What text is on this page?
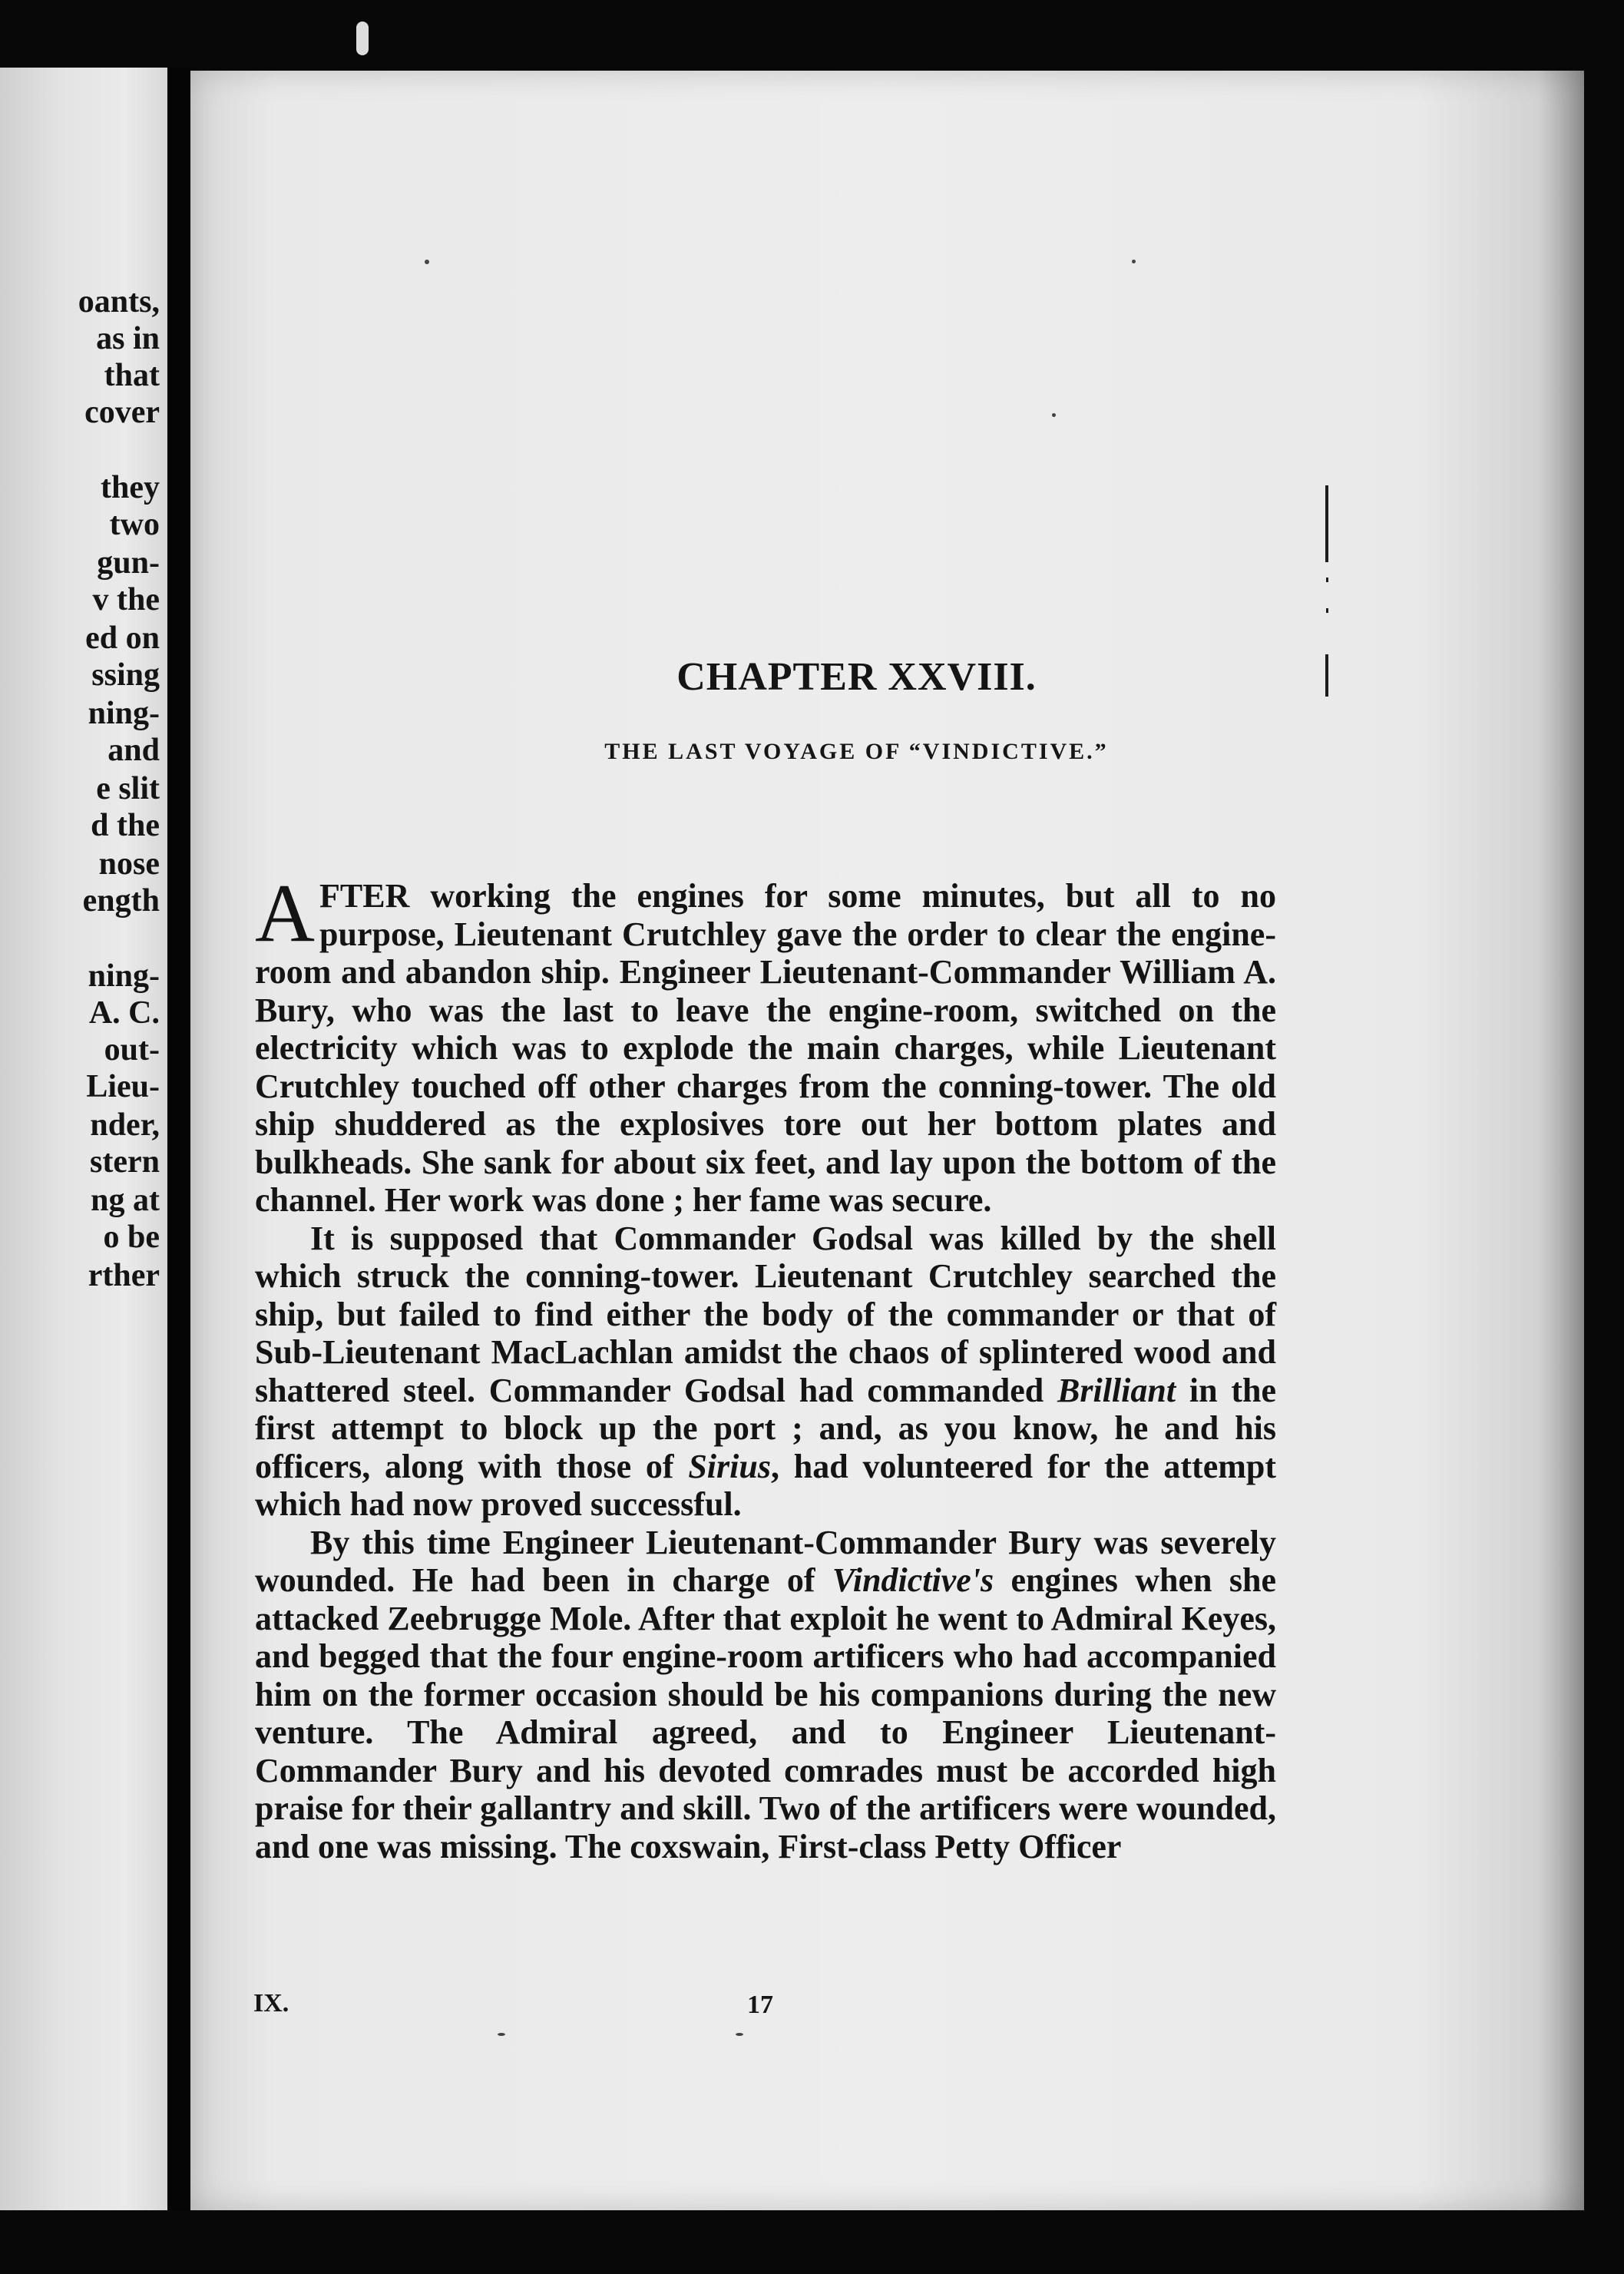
oants,

as in

that

cover

they

two

gun-

v the

ed on

ssing

ning-

and

e slit

d the

nose

ength

ning-

A. C.

out-

Lieu-

nder,

stern

ng at

o be

rther

CHAPTER XXVIII.
THE LAST VOYAGE OF “VINDICTIVE.”

AFTER working the engines for some minutes, but all to no purpose, Lieutenant Crutchley gave the order to clear the engine-room and abandon ship. Engineer Lieutenant-Commander William A. Bury, who was the last to leave the engine-room, switched on the electricity which was to explode the main charges, while Lieutenant Crutchley touched off other charges from the conning-tower. The old ship shuddered as the explosives tore out her bottom plates and bulkheads. She sank for about six feet, and lay upon the bottom of the channel. Her work was done ; her fame was secure.

It is supposed that Commander Godsal was killed by the shell which struck the conning-tower. Lieutenant Crutchley searched the ship, but failed to find either the body of the commander or that of Sub-Lieutenant MacLachlan amidst the chaos of splintered wood and shattered steel. Commander Godsal had commanded Brilliant in the first attempt to block up the port ; and, as you know, he and his officers, along with those of Sirius, had volunteered for the attempt which had now proved successful.

By this time Engineer Lieutenant-Commander Bury was severely wounded. He had been in charge of Vindictive's engines when she attacked Zeebrugge Mole. After that exploit he went to Admiral Keyes, and begged that the four engine-room artificers who had accompanied him on the former occasion should be his companions during the new venture. The Admiral agreed, and to Engineer Lieutenant-Commander Bury and his devoted comrades must be accorded high praise for their gallantry and skill. Two of the artificers were wounded, and one was missing. The coxswain, First-class Petty Officer

IX.	17
